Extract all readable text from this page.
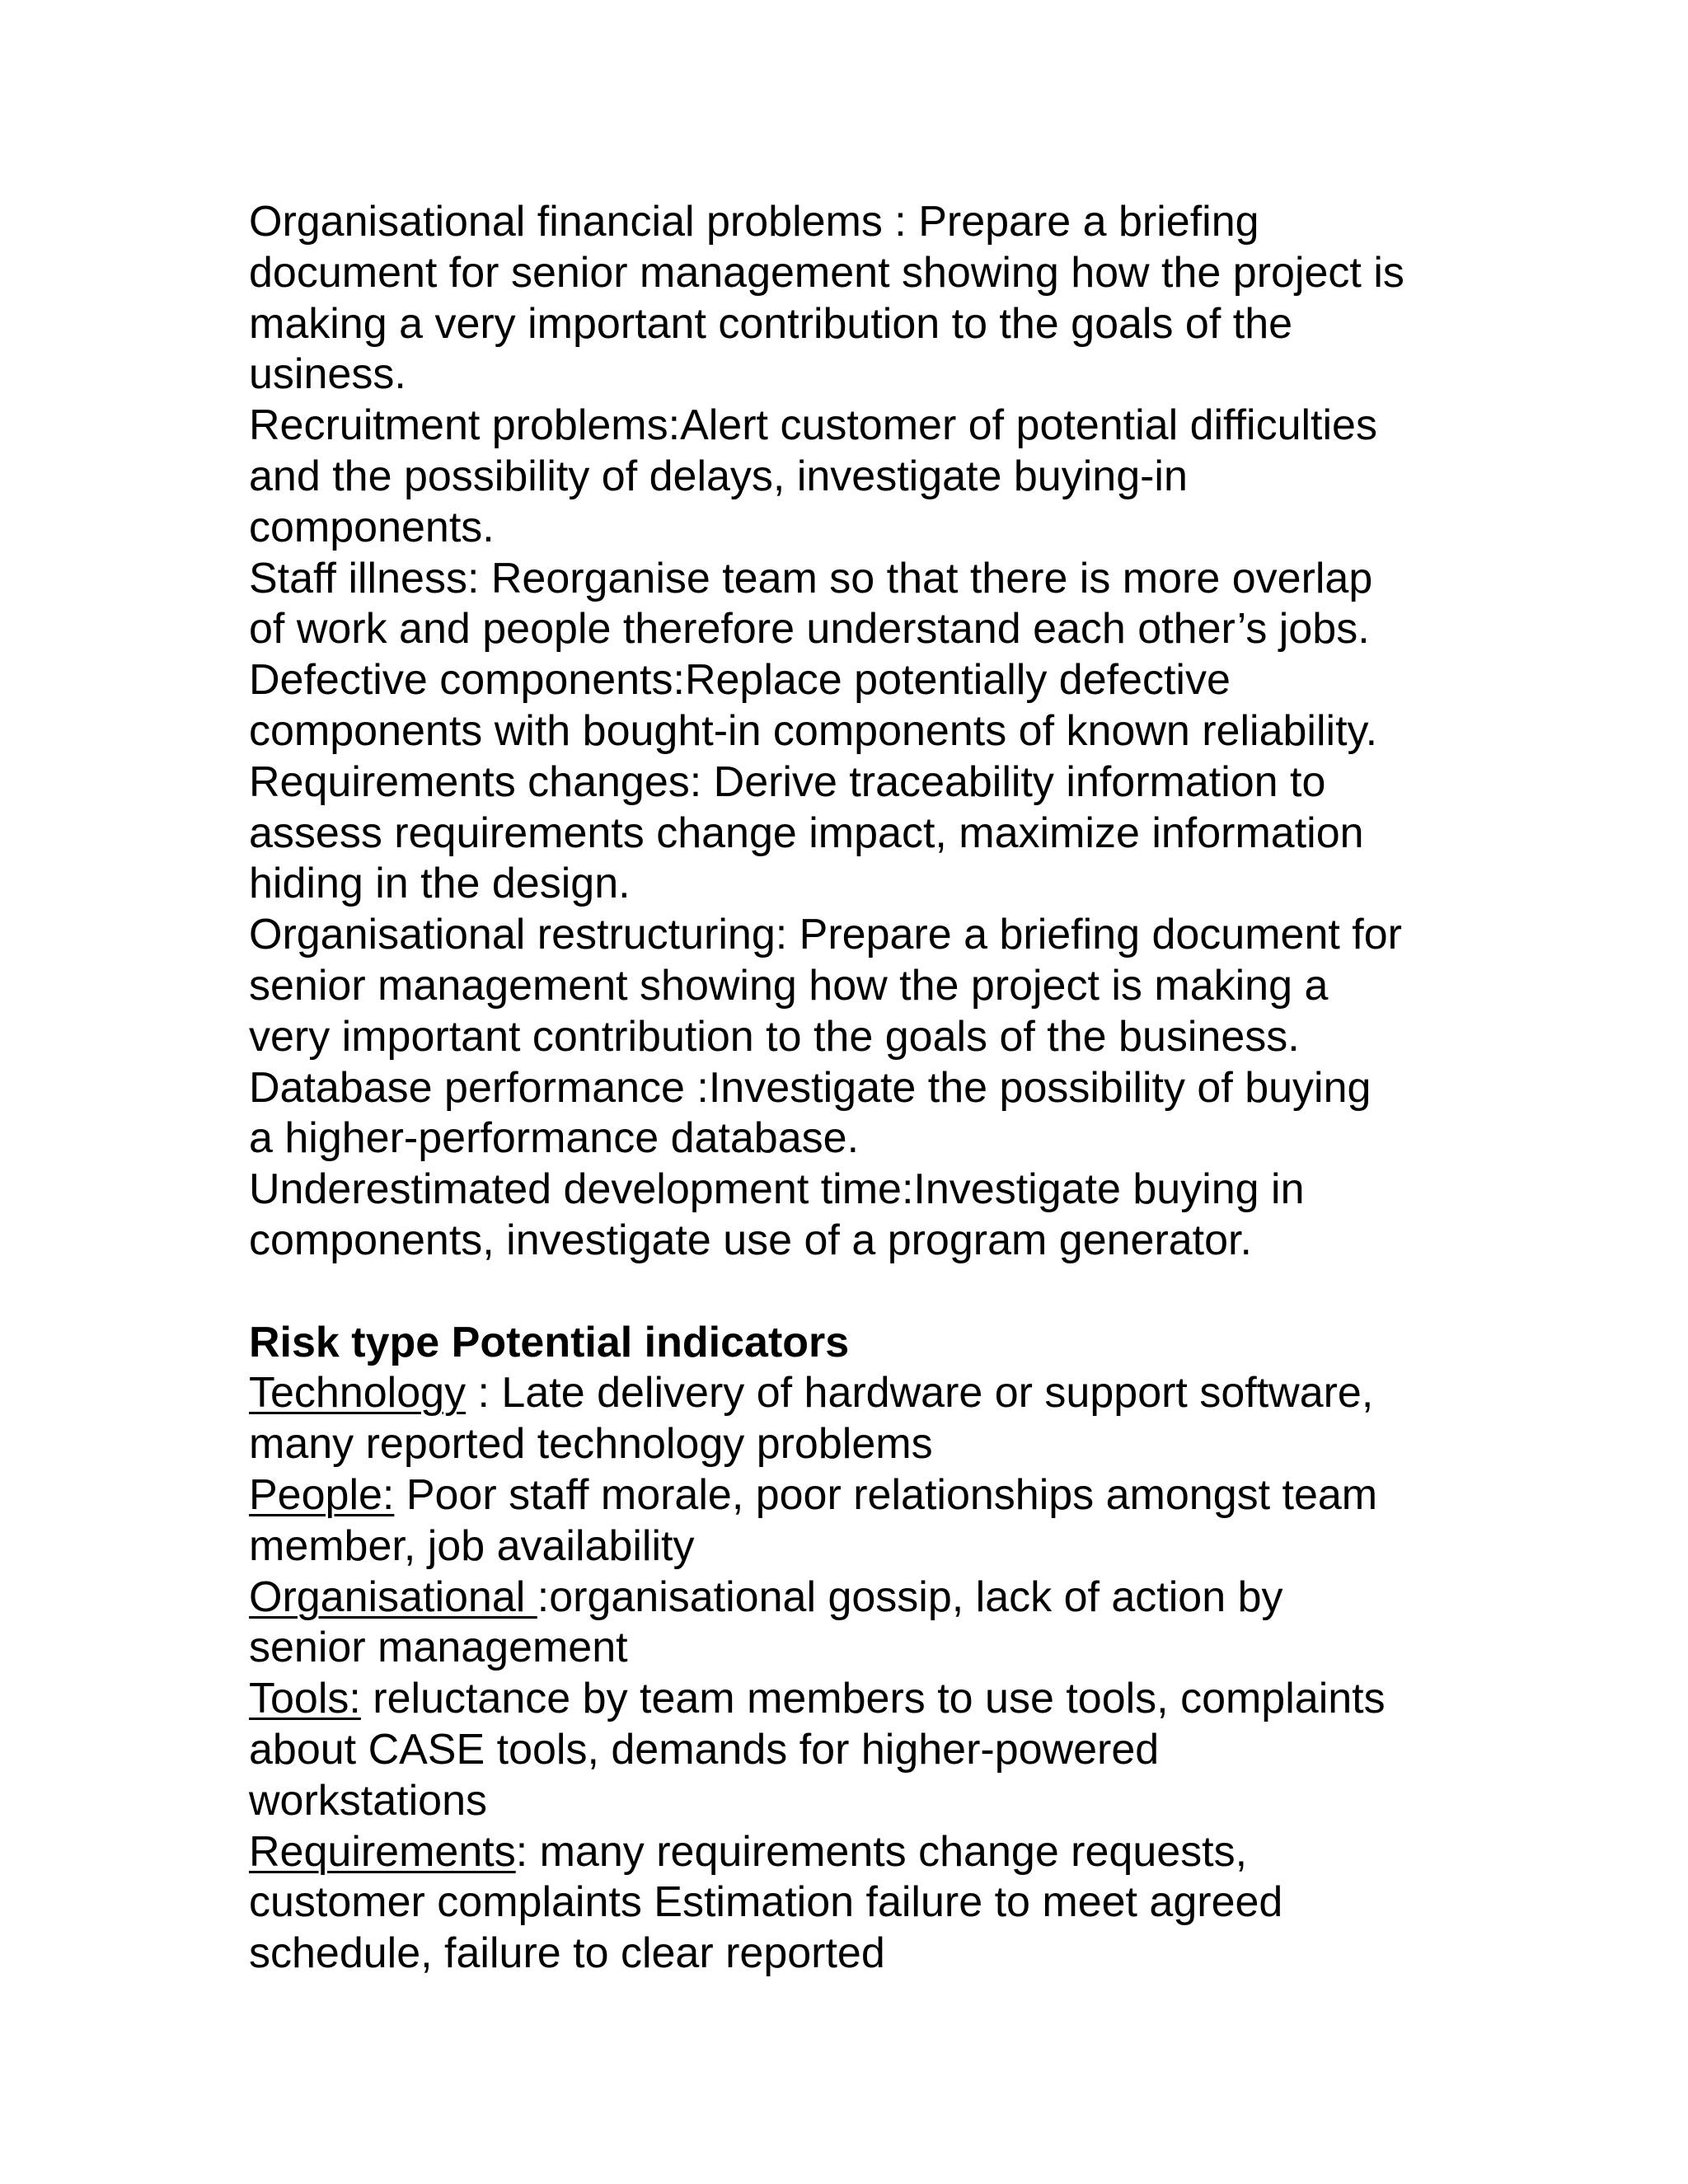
Organisational financial problems : Prepare a briefing
document for senior management showing how the project is
making a very important contribution to the goals of the
usiness.
Recruitment problems:Alert customer of potential difficulties
and the possibility of delays, investigate buying-in
components.
Staff illness: Reorganise team so that there is more overlap
of work and people therefore understand each other’s jobs.
Defective components:Replace potentially defective
components with bought-in components of known reliability.
Requirements changes: Derive traceability information to
assess requirements change impact, maximize information
hiding in the design.
Organisational restructuring: Prepare a briefing document for
senior management showing how the project is making a
very important contribution to the goals of the business.
Database performance :Investigate the possibility of buying
a higher-performance database.
Underestimated development time:Investigate buying in
components, investigate use of a program generator.
Risk type Potential indicators
Technology : Late delivery of hardware or support software,
many reported technology problems
People: Poor staff morale, poor relationships amongst team
member, job availability
Organisational :organisational gossip, lack of action by
senior management
Tools: reluctance by team members to use tools, complaints
about CASE tools, demands for higher-powered
workstations
Requirements: many requirements change requests,
customer complaints Estimation failure to meet agreed
schedule, failure to clear reported
